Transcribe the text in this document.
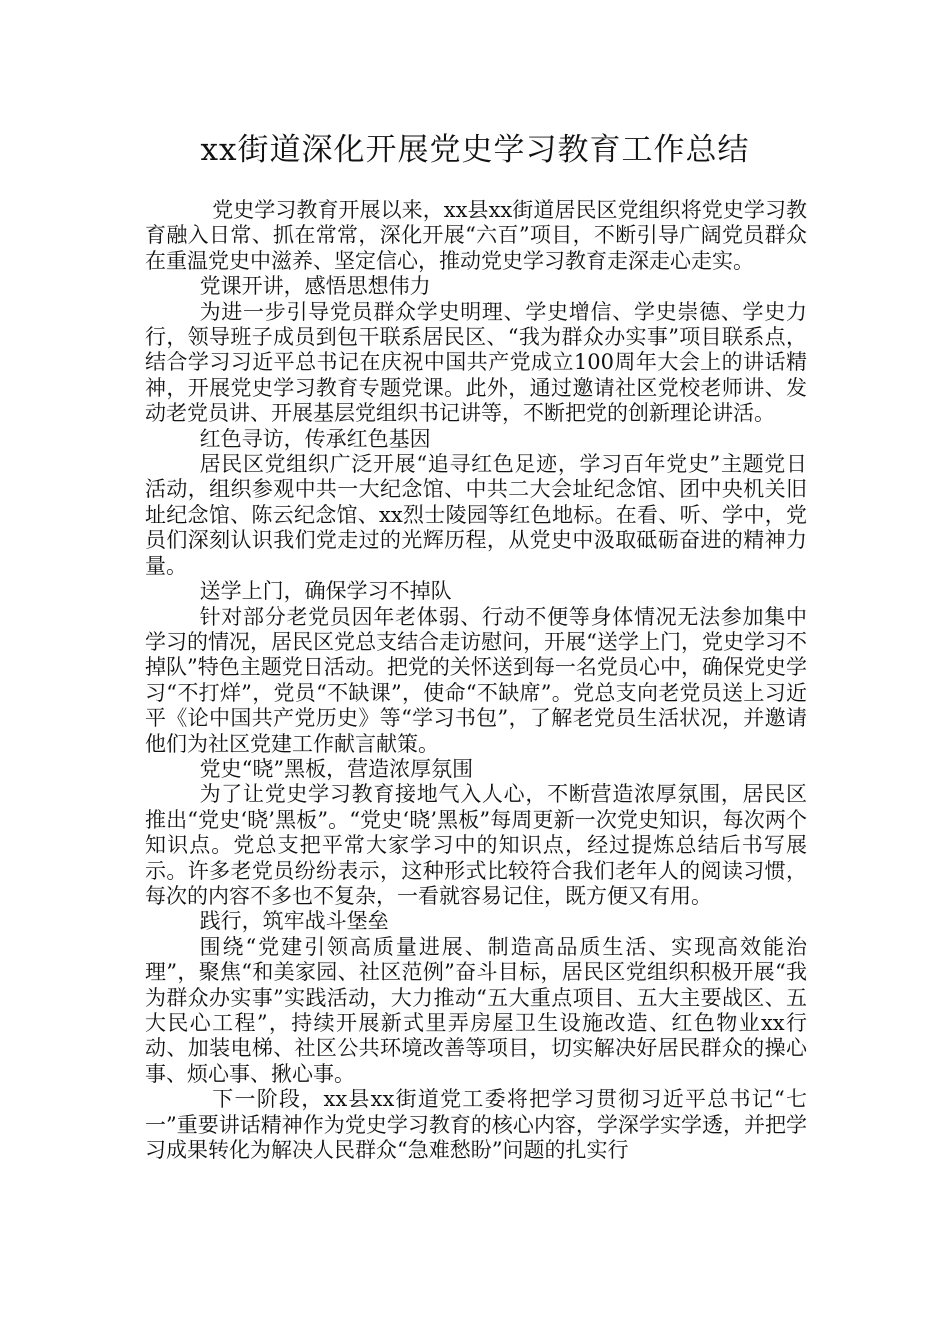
xx街道深化开展党史学习教育工作总结

党史学习教育开展以来，xx县xx街道居民区党组织将党史学习教育融入日常、抓在常常，深化开展“六百”项目，不断引导广阔党员群众在重温党史中滋养、坚定信心，推动党史学习教育走深走心走实。

党课开讲，感悟思想伟力

为进一步引导党员群众学史明理、学史增信、学史崇德、学史力行，领导班子成员到包干联系居民区、“我为群众办实事”项目联系点，结合学习习近平总书记在庆祝中国共产党成立100周年大会上的讲话精神，开展党史学习教育专题党课。此外，通过邀请社区党校老师讲、发动老党员讲、开展基层党组织书记讲等，不断把党的创新理论讲活。

红色寻访，传承红色基因

居民区党组织广泛开展“追寻红色足迹，学习百年党史”主题党日活动，组织参观中共一大纪念馆、中共二大会址纪念馆、团中央机关旧址纪念馆、陈云纪念馆、xx烈士陵园等红色地标。在看、听、学中，党员们深刻认识我们党走过的光辉历程，从党史中汲取砥砺奋进的精神力量。

送学上门，确保学习不掉队

针对部分老党员因年老体弱、行动不便等身体情况无法参加集中学习的情况，居民区党总支结合走访慰问，开展“送学上门，党史学习不掉队”特色主题党日活动。把党的关怀送到每一名党员心中，确保党史学习“不打烊”，党员“不缺课”，使命“不缺席”。党总支向老党员送上习近平《论中国共产党历史》等“学习书包”，了解老党员生活状况，并邀请他们为社区党建工作献言献策。

党史“晓”黑板，营造浓厚氛围

为了让党史学习教育接地气入人心，不断营造浓厚氛围，居民区推出“党史‘晓’黑板”。“党史‘晓’黑板”每周更新一次党史知识，每次两个知识点。党总支把平常大家学习中的知识点，经过提炼总结后书写展示。许多老党员纷纷表示，这种形式比较符合我们老年人的阅读习惯，每次的内容不多也不复杂，一看就容易记住，既方便又有用。

践行，筑牢战斗堡垒

围绕“党建引领高质量进展、制造高品质生活、实现高效能治理”，聚焦“和美家园、社区范例”奋斗目标，居民区党组织积极开展“我为群众办实事”实践活动，大力推动“五大重点项目、五大主要战区、五大民心工程”，持续开展新式里弄房屋卫生设施改造、红色物业xx行动、加装电梯、社区公共环境改善等项目，切实解决好居民群众的操心事、烦心事、揪心事。

下一阶段，xx县xx街道党工委将把学习贯彻习近平总书记“七一”重要讲话精神作为党史学习教育的核心内容，学深学实学透，并把学习成果转化为解决人民群众“急难愁盼”问题的扎实行
